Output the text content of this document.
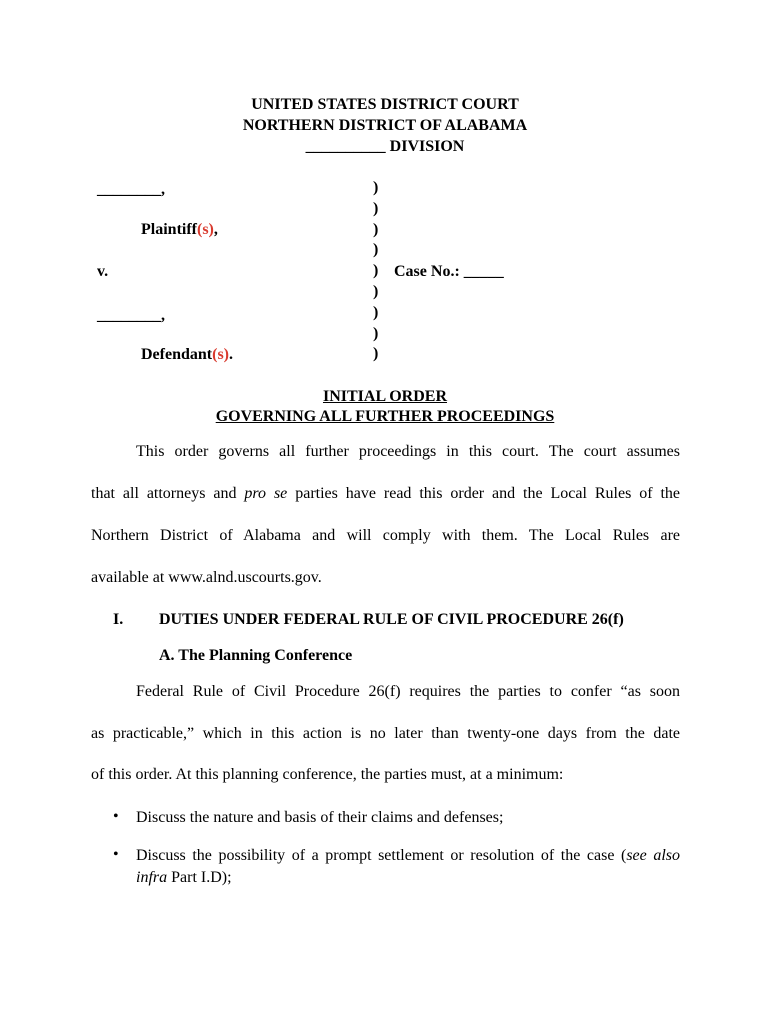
UNITED STATES DISTRICT COURT
NORTHERN DISTRICT OF ALABAMA
__________ DIVISION
________,
Plaintiff(s),
v.
________,
Defendant(s).
)
)
)
)
)
)
)
)
)
Case No.: _____
INITIAL ORDER
GOVERNING ALL FURTHER PROCEEDINGS
This order governs all further proceedings in this court. The court assumes
that all attorneys and pro se parties have read this order and the Local Rules of the
Northern District of Alabama and will comply with them. The Local Rules are
available at www.alnd.uscourts.gov.
I. DUTIES UNDER FEDERAL RULE OF CIVIL PROCEDURE 26(f)
A. The Planning Conference
Federal Rule of Civil Procedure 26(f) requires the parties to confer “as soon
as practicable,” which in this action is no later than twenty-one days from the date
of this order. At this planning conference, the parties must, at a minimum:
• Discuss the nature and basis of their claims and defenses;
• Discuss the possibility of a prompt settlement or resolution of the case (see also infra Part I.D);
